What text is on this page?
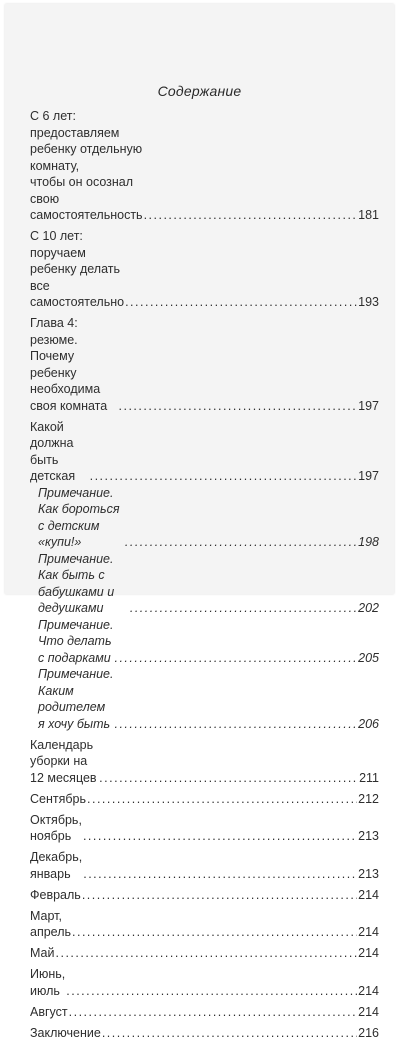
Содержание
С 6 лет: предоставляем ребенку отдельную комнату,
чтобы он осознал свою самостоятельность .....	181
С 10 лет: поручаем ребенку делать
все самостоятельно .....	193
Глава 4: резюме. Почему ребенку необходима
своя комната .....	197
Какой должна быть детская .....	197
Примечание. Как бороться с детским «купи!» .....	198
Примечание. Как быть с бабушками и дедушками .....	202
Примечание. Что делать с подарками .....	205
Примечание. Каким родителем
я хочу быть .....	206
Календарь уборки на 12 месяцев .....	211
Сентябрь .....	212
Октябрь, ноябрь .....	213
Декабрь, январь .....	213
Февраль .....	214
Март, апрель .....	214
Май .....	214
Июнь, июль .....	214
Август .....	214
Заключение .....	216
